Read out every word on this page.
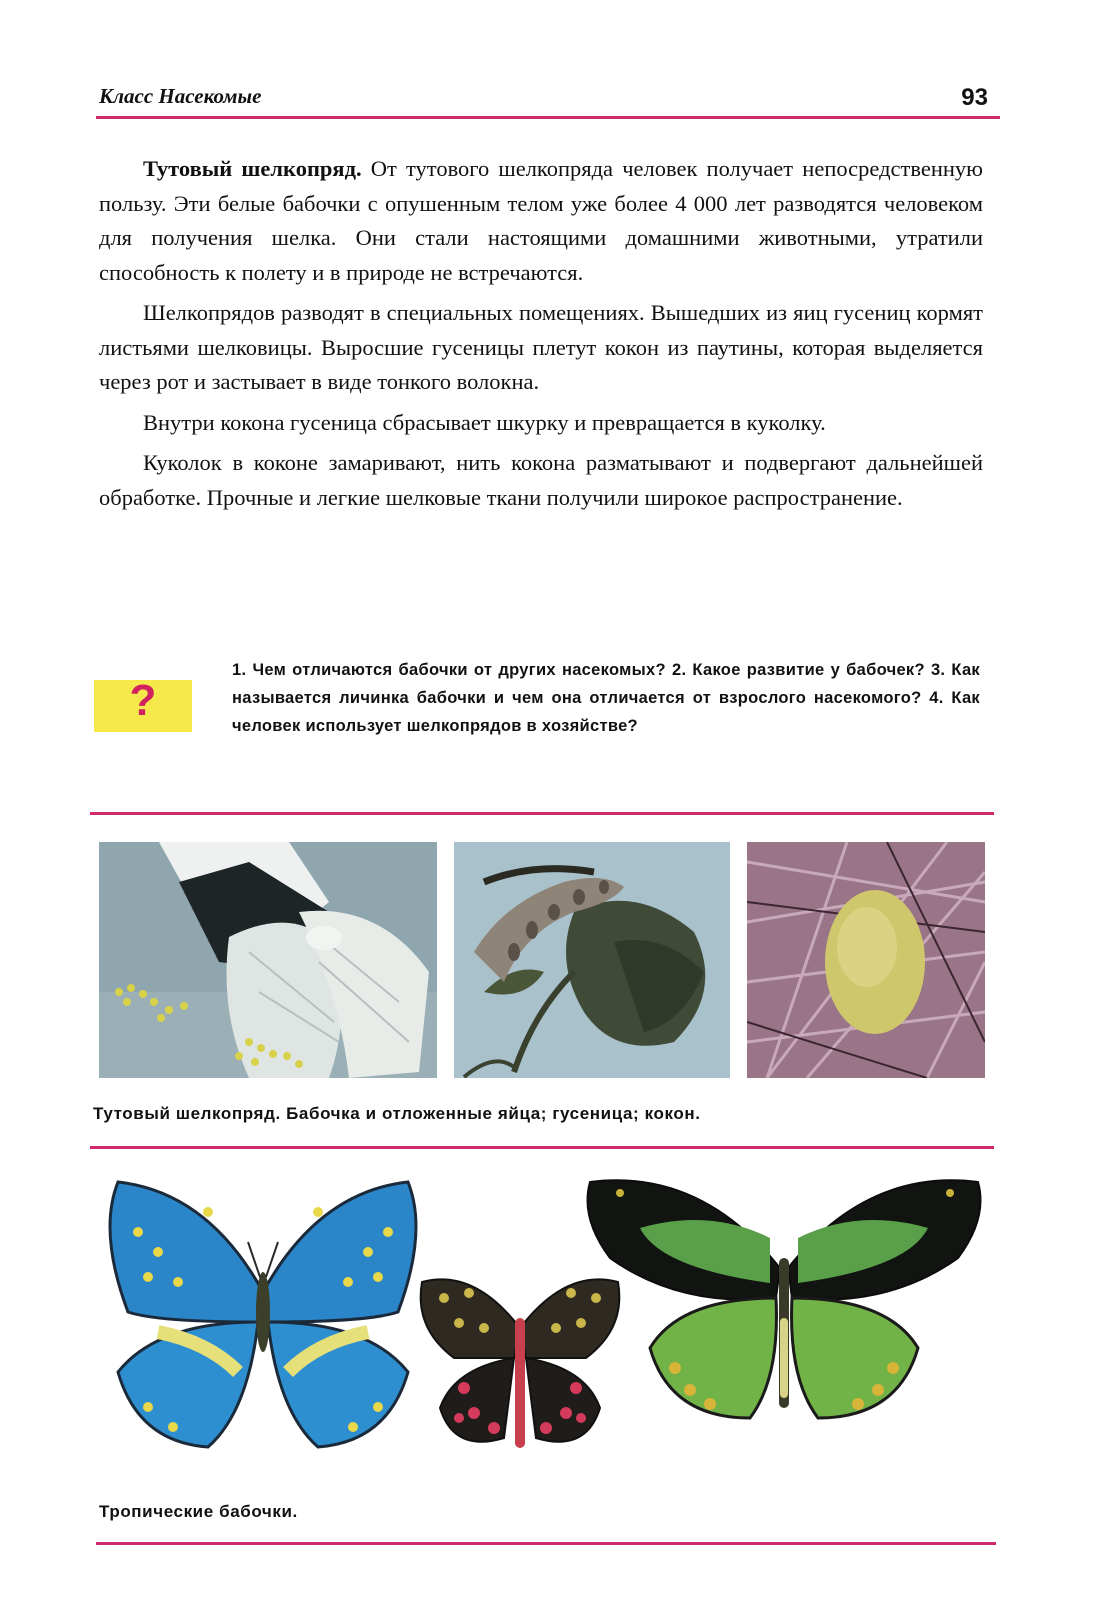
Класс Насекомые	93

Тутовый шелкопряд. От тутового шелкопряда человек получает непосредственную пользу. Эти белые бабочки с опушенным телом уже более 4 000 лет разводятся человеком для получения шелка. Они стали настоящими домашними животными, утратили способность к полету и в природе не встречаются.

Шелкопрядов разводят в специальных помещениях. Вышедших из яиц гусениц кормят листьями шелковицы. Выросшие гусеницы плетут кокон из паутины, которая выделяется через рот и застывает в виде тонкого волокна.

Внутри кокона гусеница сбрасывает шкурку и превращается в куколку.

Куколок в коконе замаривают, нить кокона разматывают и подвергают дальнейшей обработке. Прочные и легкие шелковые ткани получили широкое распространение.

?
1. Чем отличаются бабочки от других насекомых? 2. Какое развитие у бабочек? 3. Как называется личинка бабочки и чем она отличается от взрослого насекомого? 4. Как человек использует шелкопрядов в хозяйстве?
Тутовый шелкопряд. Бабочка и отложенные яйца; гусеница; кокон.
Тропические бабочки.
